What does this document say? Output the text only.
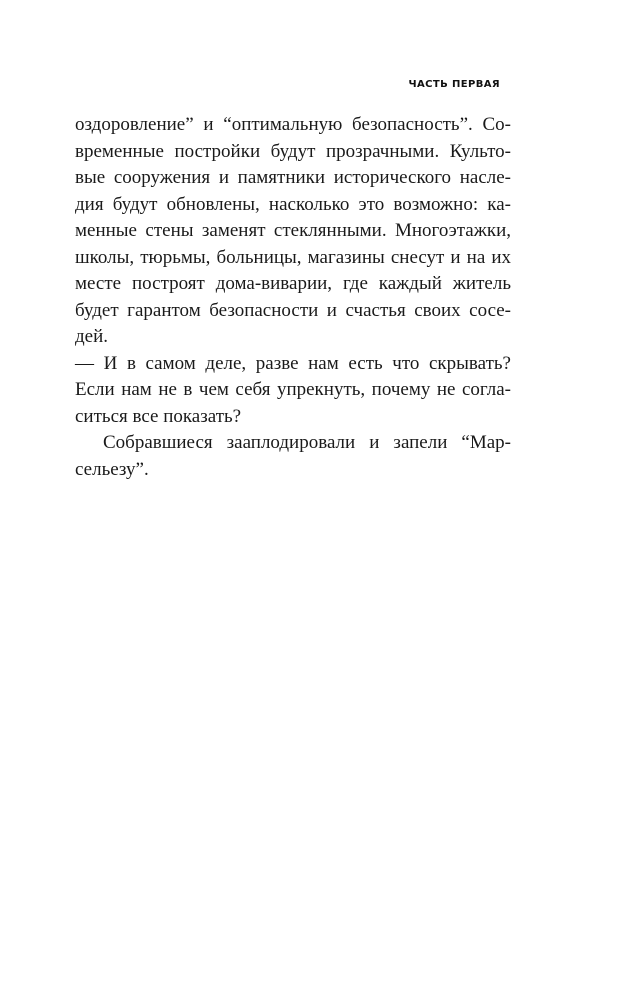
ЧАСТЬ ПЕРВАЯ
оздоровление” и “оптимальную безопасность”. Со-
временные постройки будут прозрачными. Культо-
вые сооружения и памятники исторического насле-
дия будут обновлены, насколько это возможно: ка-
менные стены заменят стеклянными. Многоэтажки,
школы, тюрьмы, больницы, магазины снесут и на их
месте построят дома-виварии, где каждый житель
будет гарантом безопасности и счастья своих сосе-
дей.
— И в самом деле, разве нам есть что скрывать?
Если нам не в чем себя упрекнуть, почему не согла-
ситься все показать?
Собравшиеся зааплодировали и запели “Мар-
сельезу”.
